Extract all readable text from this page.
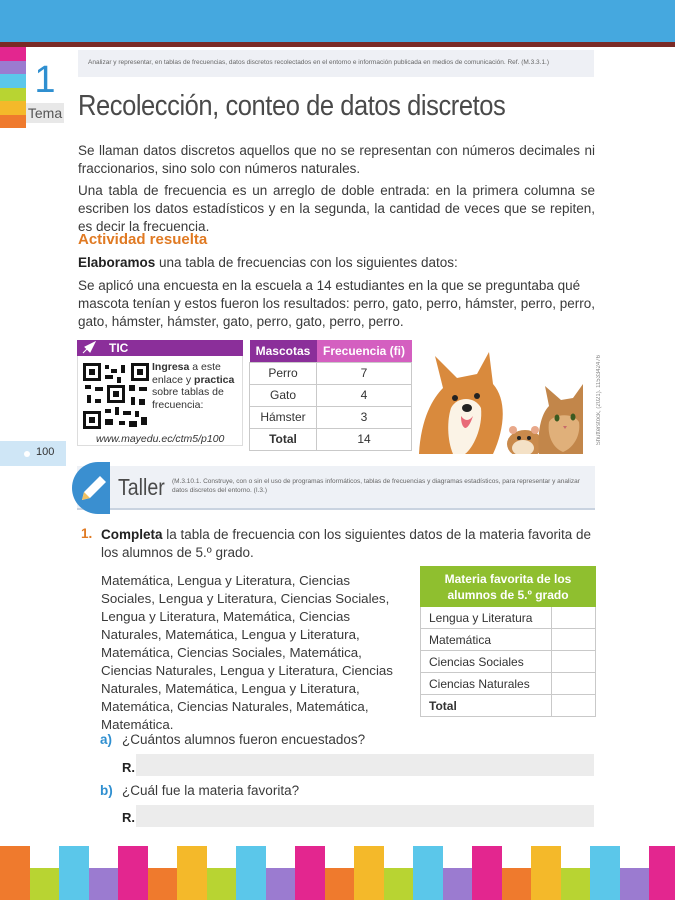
1
Tema
Analizar y representar, en tablas de frecuencias, datos discretos recolectados en el entorno e información publicada en medios de comunicación. Ref. (M.3.3.1.)
Recolección, conteo de datos discretos
Se llaman datos discretos aquellos que no se representan con números decimales ni fraccionarios, sino solo con números naturales.
Una tabla de frecuencia es un arreglo de doble entrada: en la primera columna se escriben los datos estadísticos y en la segunda, la cantidad de veces que se repiten, es decir la frecuencia.
Actividad resuelta
Elaboramos una tabla de frecuencias con los siguientes datos:
Se aplicó una encuesta en la escuela a 14 estudiantes en la que se preguntaba qué mascota tenían y estos fueron los resultados: perro, gato, perro, hámster, perro, perro, gato, hámster, hámster, gato, perro, gato, perro, perro.
TIC
Ingresa a este enlace y practica sobre tablas de frecuencia:
www.mayedu.ec/ctm5/p100
Mascotas	Frecuencia (fi)
Perro	7
Gato	4
Hámster	3
Total	14	Shutterstock, (2021). 1153342476
100
Taller (M.3.10.1. Construye, con o sin el uso de programas informáticos, tablas de frecuencias y diagramas estadísticos, para representar y analizar datos discretos del entorno. (I.3.)
1. Completa la tabla de frecuencia con los siguientes datos de la materia favorita de los alumnos de 5.º grado.
Matemática, Lengua y Literatura, Ciencias Sociales, Lengua y Literatura, Ciencias Sociales, Lengua y Literatura, Matemática, Ciencias Naturales, Matemática, Lengua y Literatura, Matemática, Ciencias Sociales, Matemática, Ciencias Naturales, Lengua y Literatura, Ciencias Naturales, Matemática, Lengua y Literatura, Matemática, Ciencias Naturales, Matemática, Matemática.
Materia favorita de los
alumnos de 5.º grado	
Lengua y Literatura	
Matemática	
Ciencias Sociales	
Ciencias Naturales	
Total	
a) ¿Cuántos alumnos fueron encuestados?
R.
b) ¿Cuál fue la materia favorita?
R.
